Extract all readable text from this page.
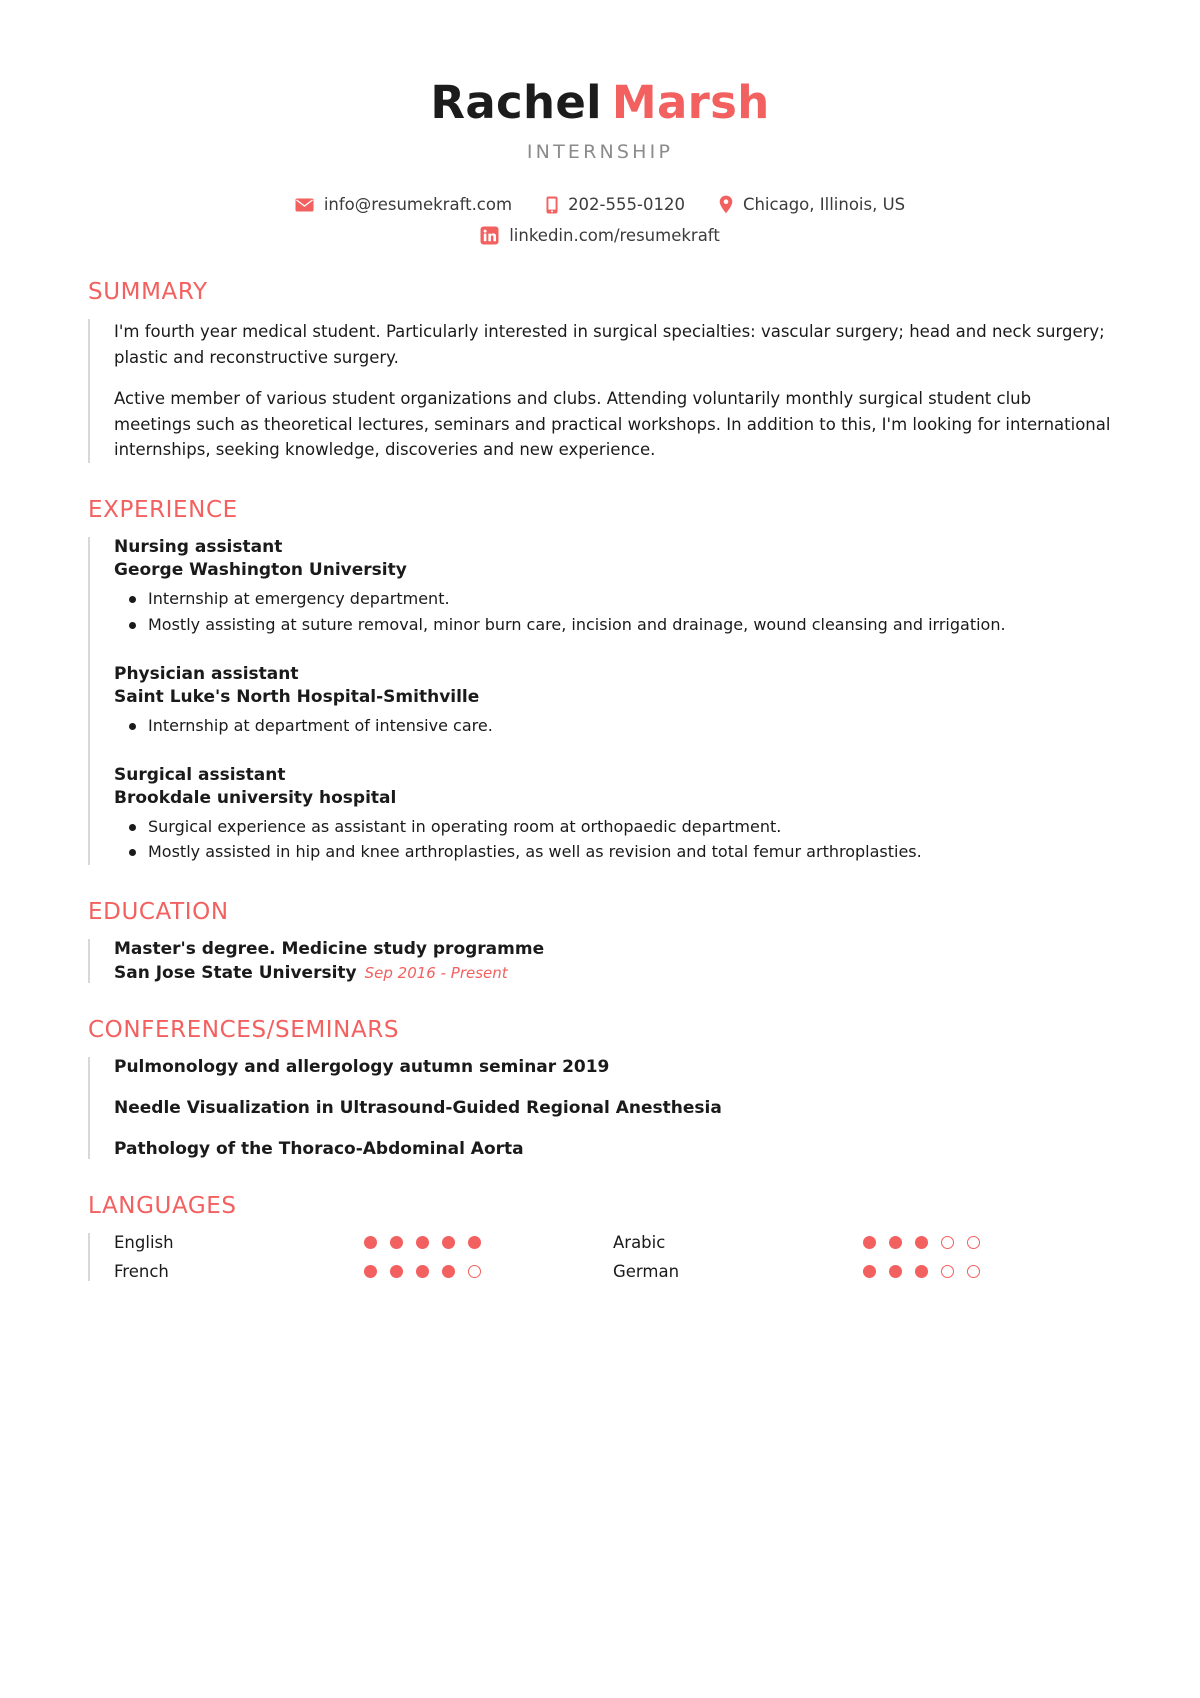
Rachel Marsh
INTERNSHIP
info@resumekraft.com	202-555-0120	Chicago, Illinois, US
linkedin.com/resumekraft
SUMMARY

I'm fourth year medical student. Particularly interested in surgical specialties: vascular surgery; head and neck surgery; plastic and reconstructive surgery.

Active member of various student organizations and clubs. Attending voluntarily monthly surgical student club meetings such as theoretical lectures, seminars and practical workshops. In addition to this, I'm looking for international internships, seeking knowledge, discoveries and new experience.

EXPERIENCE
Nursing assistant
George Washington University
Internship at emergency department.
Mostly assisting at suture removal, minor burn care, incision and drainage, wound cleansing and irrigation.
Physician assistant
Saint Luke's North Hospital-Smithville
Internship at department of intensive care.
Surgical assistant
Brookdale university hospital
Surgical experience as assistant in operating room at orthopaedic department.
Mostly assisted in hip and knee arthroplasties, as well as revision and total femur arthroplasties.
EDUCATION
Master's degree. Medicine study programme
San Jose State University Sep 2016 - Present
CONFERENCES/SEMINARS
Pulmonology and allergology autumn seminar 2019
Needle Visualization in Ultrasound-Guided Regional Anesthesia
Pathology of the Thoraco-Abdominal Aorta
LANGUAGES
English	Arabic
French	German
